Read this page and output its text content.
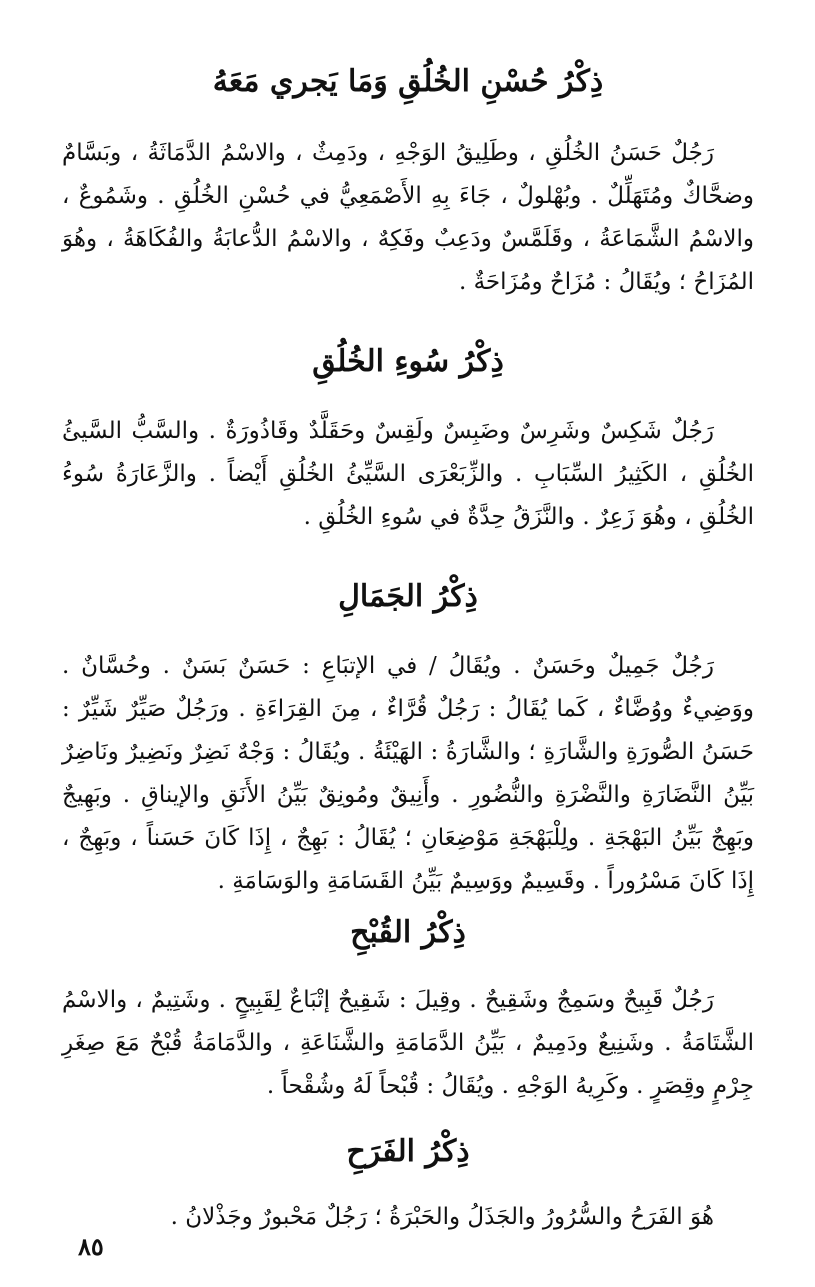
ذِكْرُ حُسْنِ الخُلُقِ وَمَا يَجري مَعَهُ

رَجُلٌ حَسَنُ الخُلُقِ ، وطَلِيقُ الوَجْهِ ، ودَمِثٌ ، والاسْمُ الدَّمَاثَةُ ، وبَسَّامٌ وضحَّاكٌ ومُتَهَلِّلٌ . وبُهْلولٌ ، جَاءَ بِهِ الأَصْمَعِيُّ في حُسْنِ الخُلُقِ . وشَمُوعٌ ، والاسْمُ الشَّمَاعَةُ ، وقَلَمَّسٌ ودَعِبٌ وفَكِهٌ ، والاسْمُ الدُّعابَةُ والفُكَاهَةُ ، وهُوَ المُزَاحُ ؛ ويُقَالُ : مُزَاحٌ ومُزَاحَةٌ .

ذِكْرُ سُوءِ الخُلُقِ

رَجُلٌ شَكِسٌ وشَرِسٌ وضَبِسٌ ولَقِسٌ وحَقَلَّدٌ وقَاذُورَةٌ . والسَّبُّ السَّيئُ الخُلُقِ ، الكَثِيرُ السِّبَابِ . والزِّبَعْرَى السَّيِّئُ الخُلُقِ أَيْضاً . والزَّعَارَةُ سُوءُ الخُلُقِ ، وهُوَ زَعِرٌ . والنَّزَقُ حِدَّةٌ في سُوءِ الخُلُقِ .

ذِكْرُ الجَمَالِ

رَجُلٌ جَمِيلٌ وحَسَنٌ . ويُقَالُ / في الإتبَاعِ : حَسَنٌ بَسَنٌ . وحُسَّانٌ . ووَضِيءٌ ووُضَّاءٌ ، كَما يُقَالُ : رَجُلٌ قُرَّاءٌ ، مِنَ القِرَاءَةِ . ورَجُلٌ صَيِّرٌ شَيِّرٌ : حَسَنُ الصُّورَةِ والشَّارَةِ ؛ والشَّارَةُ : الهَيْئَةُ . ويُقَالُ : وَجْهٌ نَضِرٌ ونَضِيرٌ ونَاضِرٌ بَيِّنُ النَّضَارَةِ والنَّضْرَةِ والنُّضُورِ . وأَنِيقٌ ومُونِقٌ بَيِّنُ الأَنَقِ والإيناقِ . وبَهِيجٌ وبَهِجٌ بَيِّنُ البَهْجَةِ . ولِلْبَهْجَةِ مَوْضِعَانِ ؛ يُقَالُ : بَهِجٌ ، إِذَا كَانَ حَسَناً ، وبَهِجٌ ، إِذَا كَانَ مَسْرُوراً . وقَسِيمٌ ووَسِيمٌ بَيِّنُ القَسَامَةِ والوَسَامَةِ .

ذِكْرُ القُبْحِ

رَجُلٌ قَبِيحٌ وسَمِجٌ وشَقِيحٌ . وقِيلَ : شَقِيحٌ إتْبَاعٌ لِقَبِيحٍ . وشَتِيمٌ ، والاسْمُ الشَّتَامَةُ . وشَنِيعٌ ودَمِيمٌ ، بَيِّنُ الدَّمَامَةِ والشَّنَاعَةِ ، والدَّمَامَةُ قُبْحٌ مَعَ صِغَرِ جِرْمٍ وقِصَرٍ . وكَرِيهُ الوَجْهِ . ويُقَالُ : قُبْحاً لَهُ وشُقْحاً .

ذِكْرُ الفَرَحِ

هُوَ الفَرَحُ والسُّرُورُ والجَذَلُ والحَبْرَةُ ؛ رَجُلٌ مَحْبورٌ وجَذْلانُ .

٨٥
